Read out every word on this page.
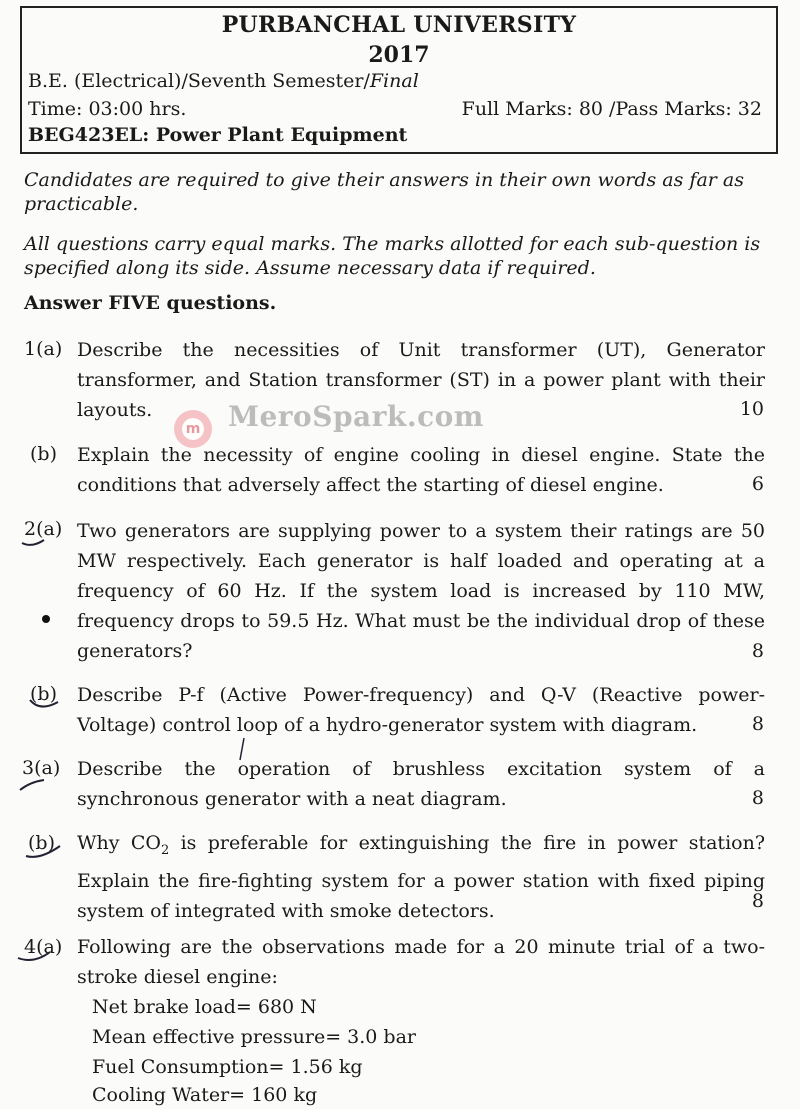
PURBANCHAL UNIVERSITY
2017
B.E. (Electrical)/Seventh Semester/Final
Time: 03:00 hrs.	Full Marks: 80 /Pass Marks: 32
BEG423EL: Power Plant Equipment
Candidates are required to give their answers in their own words as far as practicable.
All questions carry equal marks. The marks allotted for each sub-question is specified along its side. Assume necessary data if required.
Answer FIVE questions.
m MeroSpark.com
1(a) Describe the necessities of Unit transformer (UT), Generator transformer, and Station transformer (ST) in a power plant with their layouts.	10
(b) Explain the necessity of engine cooling in diesel engine. State the conditions that adversely affect the starting of diesel engine.	6
2(a) Two generators are supplying power to a system their ratings are 50 MW respectively. Each generator is half loaded and operating at a frequency of 60 Hz. If the system load is increased by 110 MW, frequency drops to 59.5 Hz. What must be the individual drop of these generators?	8
(b) Describe P-f (Active Power-frequency) and Q-V (Reactive power-Voltage) control loop of a hydro-generator system with diagram.	8
3(a) Describe the operation of brushless excitation system of a synchronous generator with a neat diagram.	8
(b) Why $CO_2$ is preferable for extinguishing the fire in power station? Explain the fire-fighting system for a power station with fixed piping system of integrated with smoke detectors.	8
4(a) Following are the observations made for a 20 minute trial of a two-stroke diesel engine:
Net brake load= 680 N
Mean effective pressure= 3.0 bar
Fuel Consumption= 1.56 kg
Cooling Water= 160 kg
